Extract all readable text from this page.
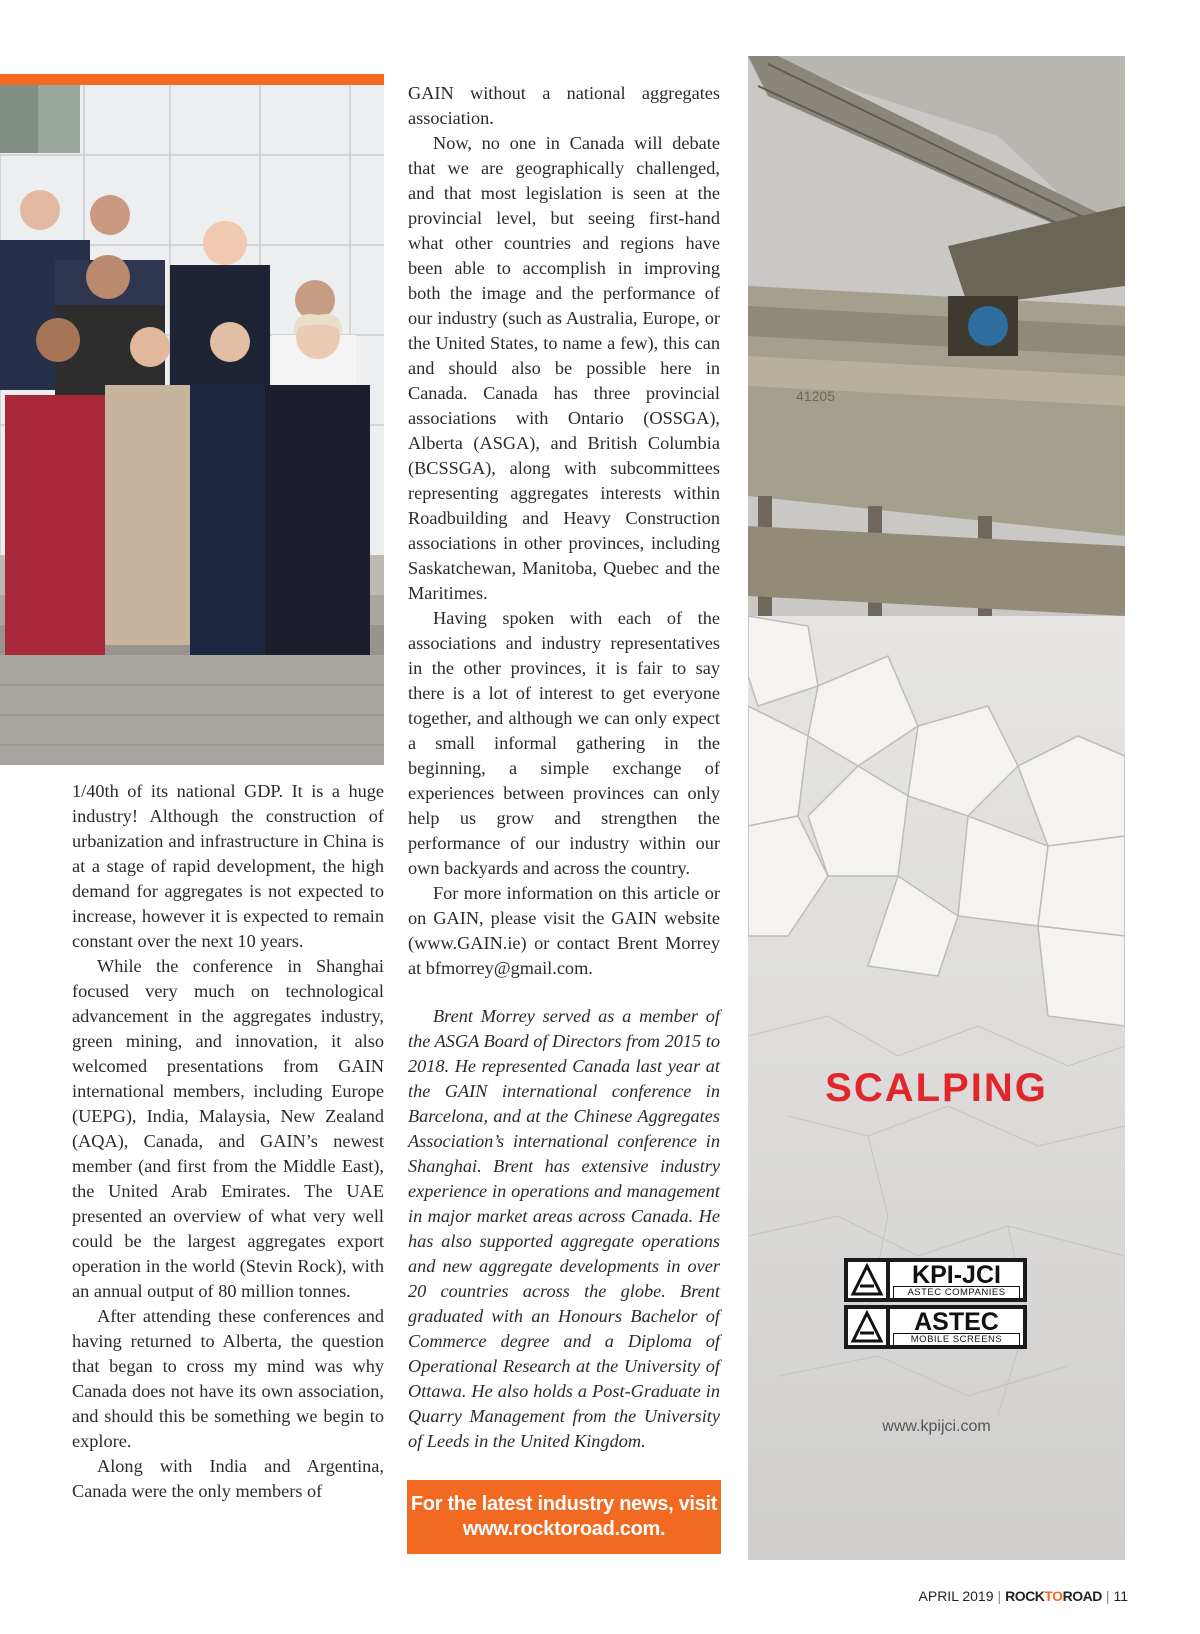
1/40th of its national GDP. It is a huge industry! Although the construction of urbanization and infrastructure in China is at a stage of rapid development, the high demand for aggregates is not expected to increase, however it is expected to remain constant over the next 10 years.

While the conference in Shanghai focused very much on technological advancement in the aggregates industry, green mining, and innovation, it also welcomed presentations from GAIN international members, including Europe (UEPG), India, Malaysia, New Zealand (AQA), Canada, and GAIN’s newest member (and first from the Middle East), the United Arab Emirates. The UAE presented an overview of what very well could be the largest aggregates export operation in the world (Stevin Rock), with an annual output of 80 million tonnes.

After attending these conferences and having returned to Alberta, the question that began to cross my mind was why Canada does not have its own association, and should this be something we begin to explore.

Along with India and Argentina, Canada were the only members of

GAIN without a national aggregates association.

Now, no one in Canada will debate that we are geographically challenged, and that most legislation is seen at the provincial level, but seeing first-hand what other countries and regions have been able to accomplish in improving both the image and the performance of our industry (such as Australia, Europe, or the United States, to name a few), this can and should also be possible here in Canada. Canada has three provincial associations with Ontario (OSSGA), Alberta (ASGA), and British Columbia (BCSSGA), along with subcommittees representing aggregates interests within Roadbuilding and Heavy Construction associations in other provinces, including Saskatchewan, Manitoba, Quebec and the Maritimes.

Having spoken with each of the associations and industry representatives in the other provinces, it is fair to say there is a lot of interest to get everyone together, and although we can only expect a small informal gathering in the beginning, a simple exchange of experiences between provinces can only help us grow and strengthen the performance of our industry within our own backyards and across the country.

For more information on this article or on GAIN, please visit the GAIN website (www.GAIN.ie) or contact Brent Morrey at bfmorrey@gmail.com.

Brent Morrey served as a member of the ASGA Board of Directors from 2015 to 2018. He represented Canada last year at the GAIN international conference in Barcelona, and at the Chinese Aggregates Association’s international conference in Shanghai. Brent has extensive industry experience in operations and management in major market areas across Canada. He has also supported aggregate operations and new aggregate developments in over 20 countries across the globe. Brent graduated with an Honours Bachelor of Commerce degree and a Diploma of Operational Research at the University of Ottawa. He also holds a Post-Graduate in Quarry Management from the University of Leeds in the United Kingdom.

For the latest industry news, visit
www.rocktoroad.com.
41205
SCALPING
KPI-JCI
ASTEC COMPANIES
ASTEC
MOBILE SCREENS
www.kpijci.com
APRIL 2019 | ROCKTOROAD | 11
